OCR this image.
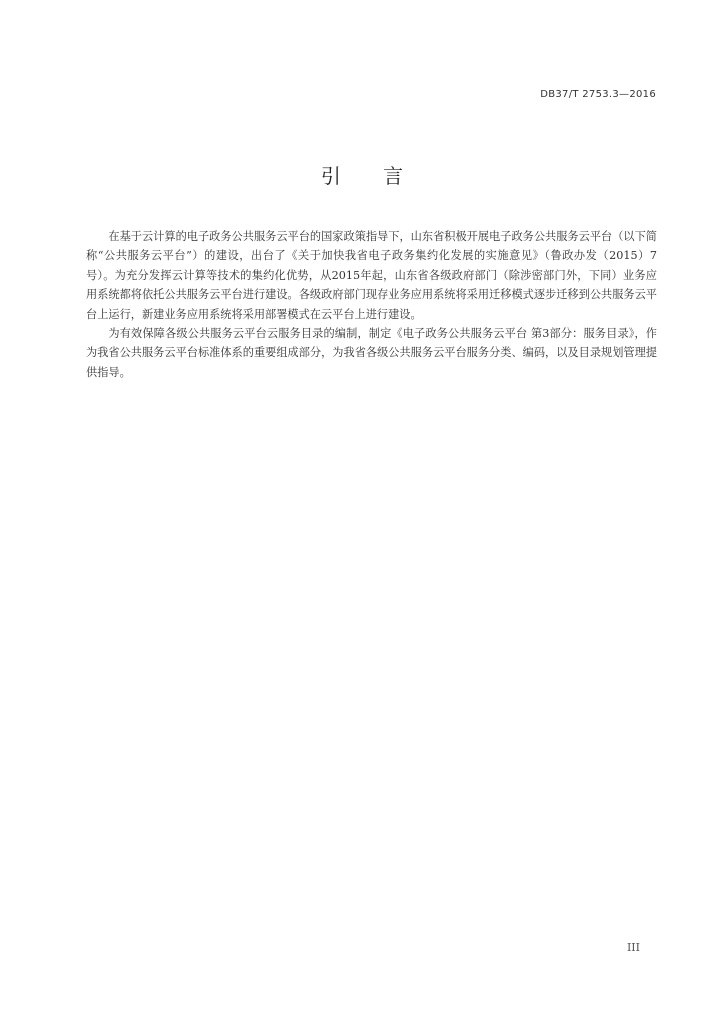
DB37/T 2753.3—2016
引 言

在基于云计算的电子政务公共服务云平台的国家政策指导下，山东省积极开展电子政务公共服务云平台（以下简称“公共服务云平台”）的建设，出台了《关于加快我省电子政务集约化发展的实施意见》（鲁政办发（2015）7号）。为充分发挥云计算等技术的集约化优势，从2015年起，山东省各级政府部门（除涉密部门外，下同）业务应用系统都将依托公共服务云平台进行建设。各级政府部门现存业务应用系统将采用迁移模式逐步迁移到公共服务云平台上运行，新建业务应用系统将采用部署模式在云平台上进行建设。

为有效保障各级公共服务云平台云服务目录的编制，制定《电子政务公共服务云平台 第3部分：服务目录》，作为我省公共服务云平台标准体系的重要组成部分，为我省各级公共服务云平台服务分类、编码，以及目录规划管理提供指导。

III
